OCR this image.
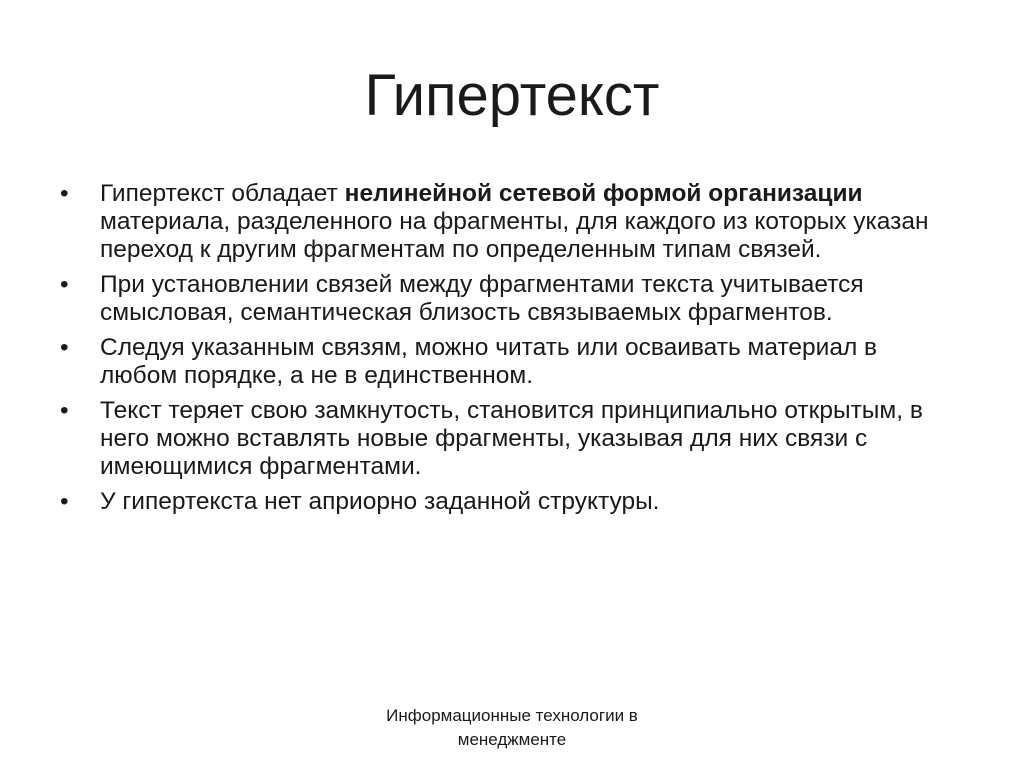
Гипертекст
•	Гипертекст обладает нелинейной сетевой формой организации материала, разделенного на фрагменты, для каждого из которых указан переход к другим фрагментам по определенным типам связей.
•	При установлении связей между фрагментами текста учитывается смысловая, семантическая близость связываемых фрагментов.
•	Следуя указанным связям, можно читать или осваивать материал в любом порядке, а не в единственном.
•	Текст теряет свою замкнутость, становится принципиально открытым, в него можно вставлять новые фрагменты, указывая для них связи с имеющимися фрагментами.
•	У гипертекста нет априорно заданной структуры.
Информационные технологии в
менеджменте
